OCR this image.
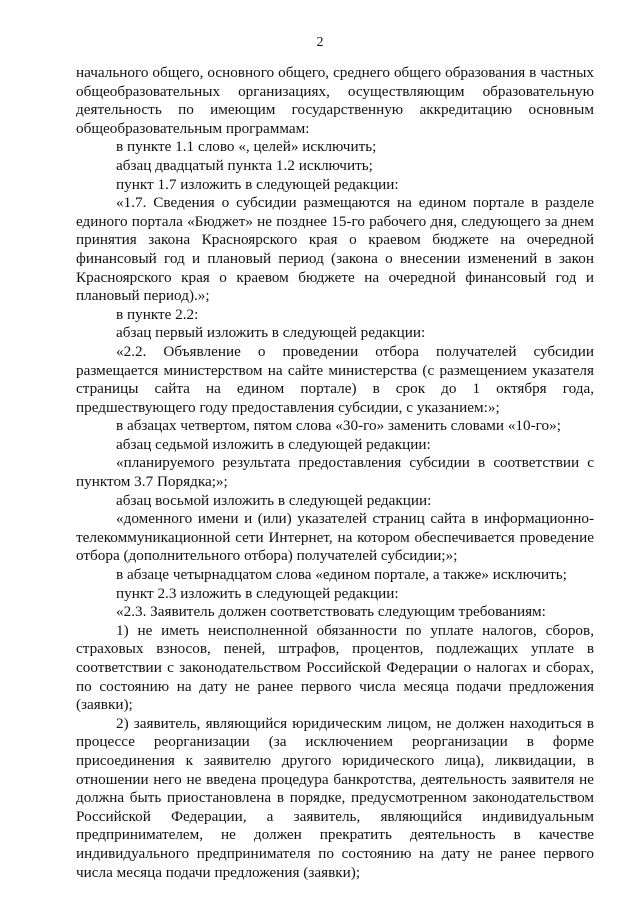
2

начального общего, основного общего, среднего общего образования в частных общеобразовательных организациях, осуществляющим образовательную деятельность по имеющим государственную аккредитацию основным общеобразовательным программам:

в пункте 1.1 слово «, целей» исключить;

абзац двадцатый пункта 1.2 исключить;

пункт 1.7 изложить в следующей редакции:

«1.7. Сведения о субсидии размещаются на едином портале в разделе единого портала «Бюджет» не позднее 15-го рабочего дня, следующего за днем принятия закона Красноярского края о краевом бюджете на очередной финансовый год и плановый период (закона о внесении изменений в закон Красноярского края о краевом бюджете на очередной финансовый год и плановый период).»;

в пункте 2.2:

абзац первый изложить в следующей редакции:

«2.2. Объявление о проведении отбора получателей субсидии размещается министерством на сайте министерства (с размещением указателя страницы сайта на едином портале) в срок до 1 октября года, предшествующего году предоставления субсидии, с указанием:»;

в абзацах четвертом, пятом слова «30-го» заменить словами «10-го»;

абзац седьмой изложить в следующей редакции:

«планируемого результата предоставления субсидии в соответствии с пунктом 3.7 Порядка;»;

абзац восьмой изложить в следующей редакции:

«доменного имени и (или) указателей страниц сайта в информационно-телекоммуникационной сети Интернет, на котором обеспечивается проведение отбора (дополнительного отбора) получателей субсидии;»;

в абзаце четырнадцатом слова «едином портале, а также» исключить;

пункт 2.3 изложить в следующей редакции:

«2.3. Заявитель должен соответствовать следующим требованиям:

1) не иметь неисполненной обязанности по уплате налогов, сборов, страховых взносов, пеней, штрафов, процентов, подлежащих уплате в соответствии с законодательством Российской Федерации о налогах и сборах, по состоянию на дату не ранее первого числа месяца подачи предложения (заявки);

2) заявитель, являющийся юридическим лицом, не должен находиться в процессе реорганизации (за исключением реорганизации в форме присоединения к заявителю другого юридического лица), ликвидации, в отношении него не введена процедура банкротства, деятельность заявителя не должна быть приостановлена в порядке, предусмотренном законодательством Российской Федерации, а заявитель, являющийся индивидуальным предпринимателем, не должен прекратить деятельность в качестве индивидуального предпринимателя по состоянию на дату не ранее первого числа месяца подачи предложения (заявки);
